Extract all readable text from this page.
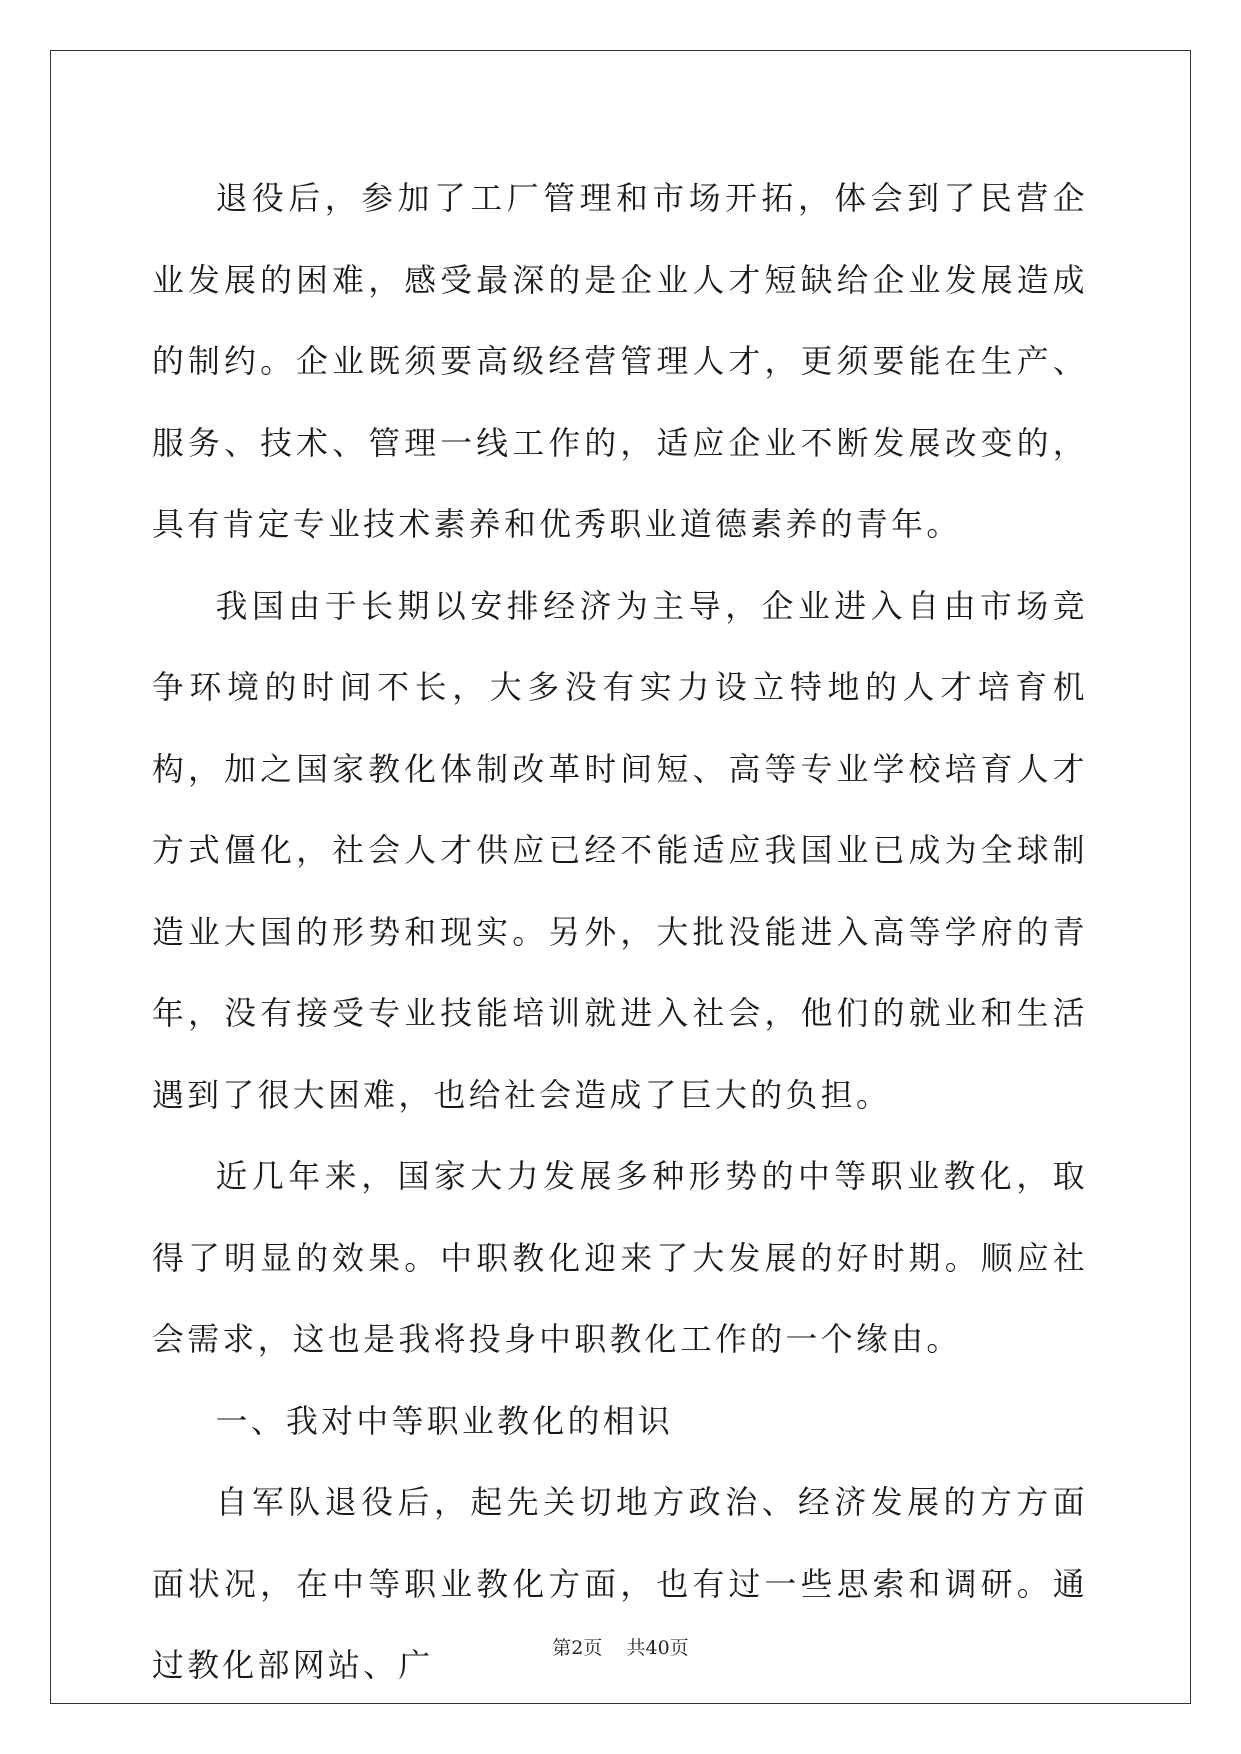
退役后，参加了工厂管理和市场开拓，体会到了民营企业发展的困难，感受最深的是企业人才短缺给企业发展造成的制约。企业既须要高级经营管理人才，更须要能在生产、服务、技术、管理一线工作的，适应企业不断发展改变的，具有肯定专业技术素养和优秀职业道德素养的青年。

我国由于长期以安排经济为主导，企业进入自由市场竞争环境的时间不长，大多没有实力设立特地的人才培育机构，加之国家教化体制改革时间短、高等专业学校培育人才方式僵化，社会人才供应已经不能适应我国业已成为全球制造业大国的形势和现实。另外，大批没能进入高等学府的青年，没有接受专业技能培训就进入社会，他们的就业和生活遇到了很大困难，也给社会造成了巨大的负担。

近几年来，国家大力发展多种形势的中等职业教化，取得了明显的效果。中职教化迎来了大发展的好时期。顺应社会需求，这也是我将投身中职教化工作的一个缘由。

一、我对中等职业教化的相识

自军队退役后，起先关切地方政治、经济发展的方方面面状况，在中等职业教化方面，也有过一些思索和调研。通过教化部网站、广	第2页 共40页
